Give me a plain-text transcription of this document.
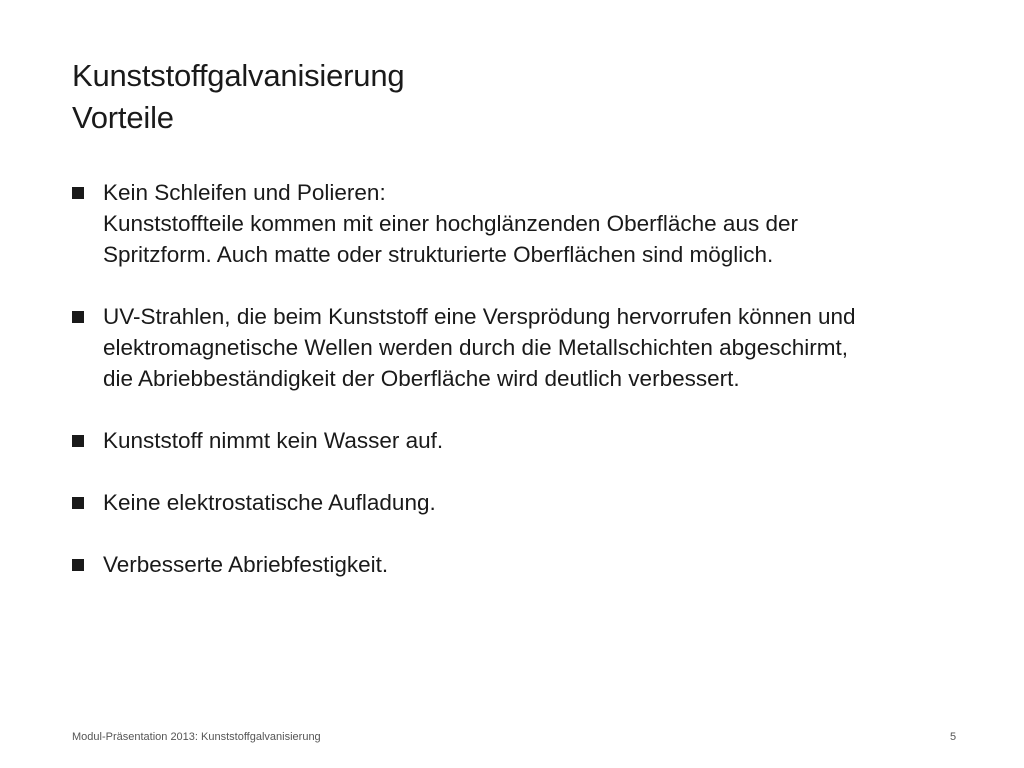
Kunststoffgalvanisierung
Vorteile
Kein Schleifen und Polieren:
Kunststoffteile kommen mit einer hochglänzenden Oberfläche aus der
Spritzform. Auch matte oder strukturierte Oberflächen sind möglich.
UV-Strahlen, die beim Kunststoff eine Versprödung hervorrufen können und
elektromagnetische Wellen werden durch die Metallschichten abgeschirmt,
die Abriebbeständigkeit der Oberfläche wird deutlich verbessert.
Kunststoff nimmt kein Wasser auf.
Keine elektrostatische Aufladung.
Verbesserte Abriebfestigkeit.
Modul-Präsentation 2013: Kunststoffgalvanisierung	5
